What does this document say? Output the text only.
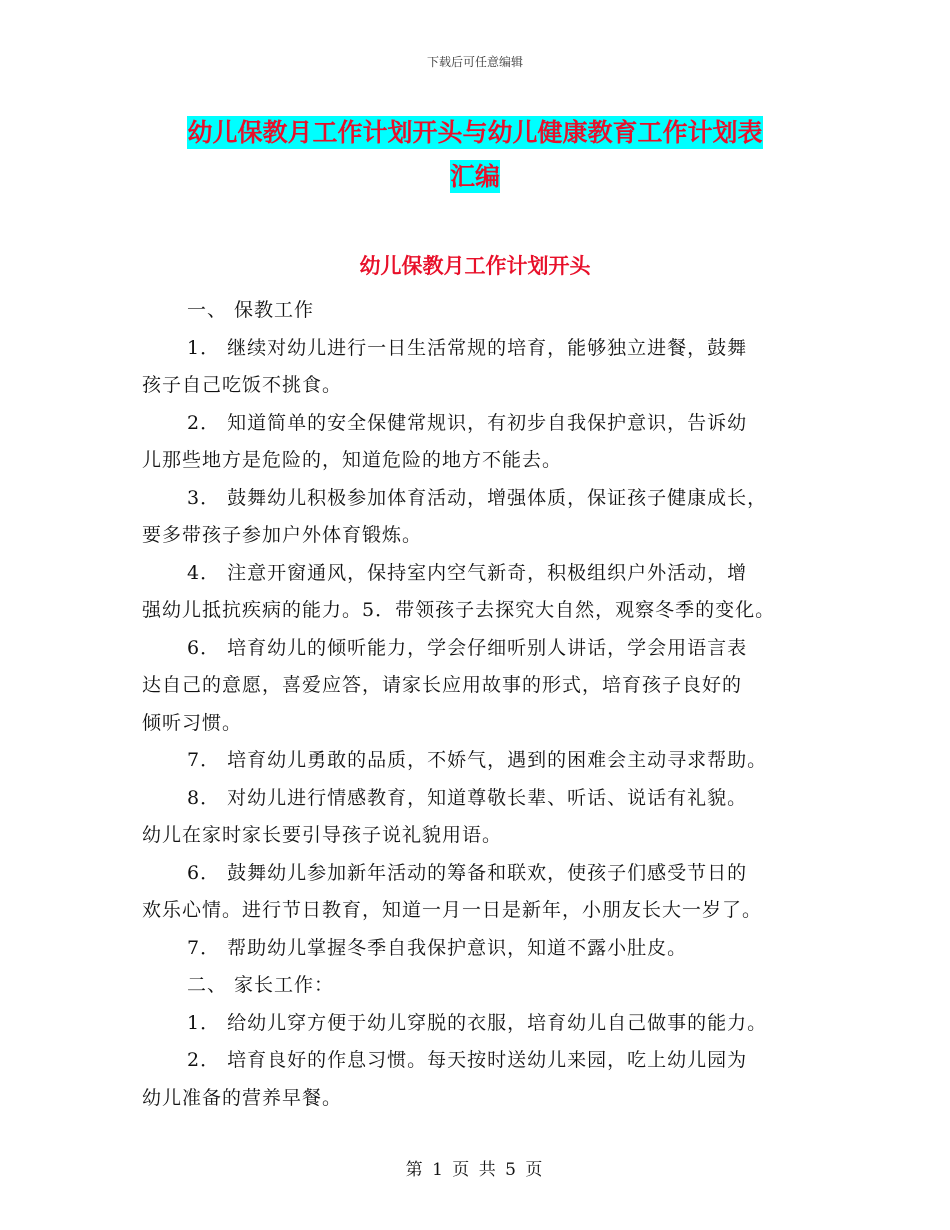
下载后可任意编辑
幼儿保教月工作计划开头与幼儿健康教育工作计划表
汇编
幼儿保教月工作计划开头
一、 保教工作
1． 继续对幼儿进行一日生活常规的培育，能够独立进餐，鼓舞
孩子自己吃饭不挑食。
2． 知道简单的安全保健常规识，有初步自我保护意识，告诉幼
儿那些地方是危险的，知道危险的地方不能去。
3． 鼓舞幼儿积极参加体育活动，增强体质，保证孩子健康成长，
要多带孩子参加户外体育锻炼。
4． 注意开窗通风，保持室内空气新奇，积极组织户外活动，增
强幼儿抵抗疾病的能力。5．带领孩子去探究大自然，观察冬季的变化。
6． 培育幼儿的倾听能力，学会仔细听别人讲话，学会用语言表
达自己的意愿，喜爱应答，请家长应用故事的形式，培育孩子良好的
倾听习惯。
7． 培育幼儿勇敢的品质，不娇气，遇到的困难会主动寻求帮助。
8． 对幼儿进行情感教育，知道尊敬长辈、听话、说话有礼貌。
幼儿在家时家长要引导孩子说礼貌用语。
6． 鼓舞幼儿参加新年活动的筹备和联欢，使孩子们感受节日的
欢乐心情。进行节日教育，知道一月一日是新年，小朋友长大一岁了。
7． 帮助幼儿掌握冬季自我保护意识，知道不露小肚皮。
二、 家长工作：
1． 给幼儿穿方便于幼儿穿脱的衣服，培育幼儿自己做事的能力。
2． 培育良好的作息习惯。每天按时送幼儿来园，吃上幼儿园为
幼儿准备的营养早餐。
第 1 页 共 5 页
